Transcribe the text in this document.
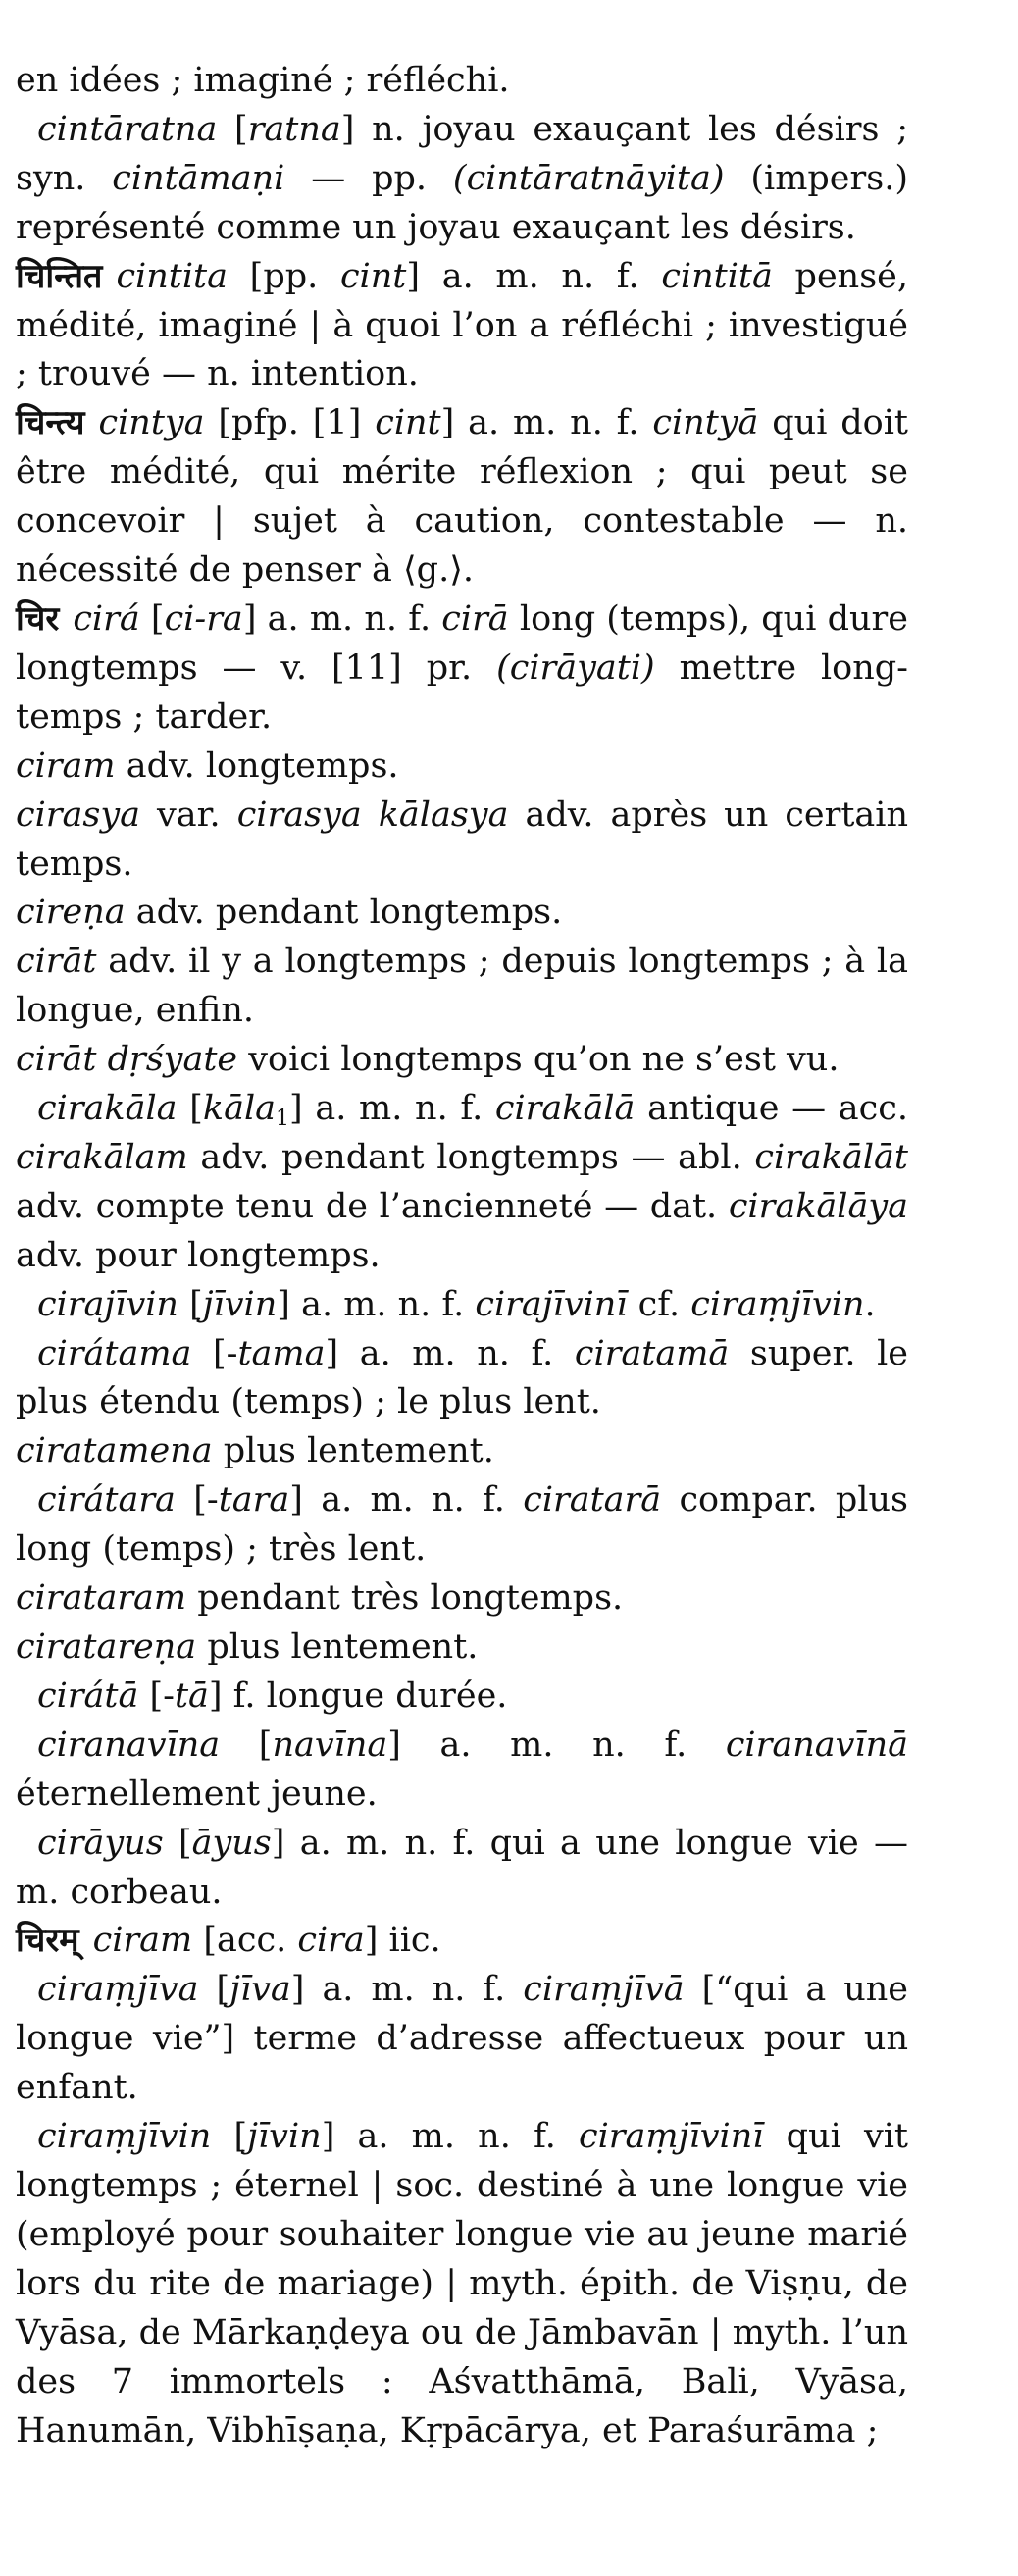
en idées ; imaginé ; réfléchi.

cintāratna [ratna] n. joyau exauçant les désirs ; syn. cintāmaṇi — pp. (cintāratnāyita) (impers.) représenté comme un joyau exauçant les désirs.

चिन्तित cintita [pp. cint] a. m. n. f. cintitā pensé, médité, imaginé | à quoi l’on a réfléchi ; investigué ; trouvé — n. intention.

चिन्त्य cintya [pfp. [1] cint] a. m. n. f. cintyā qui doit être médité, qui mérite réflexion ; qui peut se concevoir | sujet à caution, contestable — n. nécessité de penser à ⟨g.⟩.

चिर cirá [ci-ra] a. m. n. f. cirā long (temps), qui dure longtemps — v. [11] pr. (cirāyati) mettre longtemps ; tarder.

ciram adv. longtemps.

cirasya var. cirasya kālasya adv. après un certain temps.

cireṇa adv. pendant longtemps.

cirāt adv. il y a longtemps ; depuis longtemps ; à la longue, enfin.

cirāt dṛśyate voici longtemps qu’on ne s’est vu.

cirakāla [kāla$_1$] a. m. n. f. cirakālā antique — acc. cirakālam adv. pendant longtemps — abl. cirakālāt adv. compte tenu de l’ancienneté — dat. cirakālāya adv. pour longtemps.

cirajīvin [jīvin] a. m. n. f. cirajīvinī cf. ciraṃjīvin.

cirátama [-tama] a. m. n. f. ciratamā super. le plus étendu (temps) ; le plus lent.

ciratamena plus lentement.

cirátara [-tara] a. m. n. f. ciratarā compar. plus long (temps) ; très lent.

cirataram pendant très longtemps.

ciratareṇa plus lentement.

cirátā [-tā] f. longue durée.

ciranavīna [navīna] a. m. n. f. ciranavīnā éternellement jeune.

cirāyus [āyus] a. m. n. f. qui a une longue vie — m. corbeau.

चिरम् ciram [acc. cira] iic.

ciraṃjīva [jīva] a. m. n. f. ciraṃjīvā [“qui a une longue vie”] terme d’adresse affectueux pour un enfant.

ciraṃjīvin [jīvin] a. m. n. f. ciraṃjīvinī qui vit longtemps ; éternel | soc. destiné à une longue vie (employé pour souhaiter longue vie au jeune marié lors du rite de mariage) | myth. épith. de Viṣṇu, de Vyāsa, de Mārkaṇḍeya ou de Jāmbavān | myth. l’un des 7 immortels : Aśvatthāmā, Bali, Vyāsa, Hanumān, Vibhīṣaṇa, Kṛpācārya, et Paraśurāma ;
